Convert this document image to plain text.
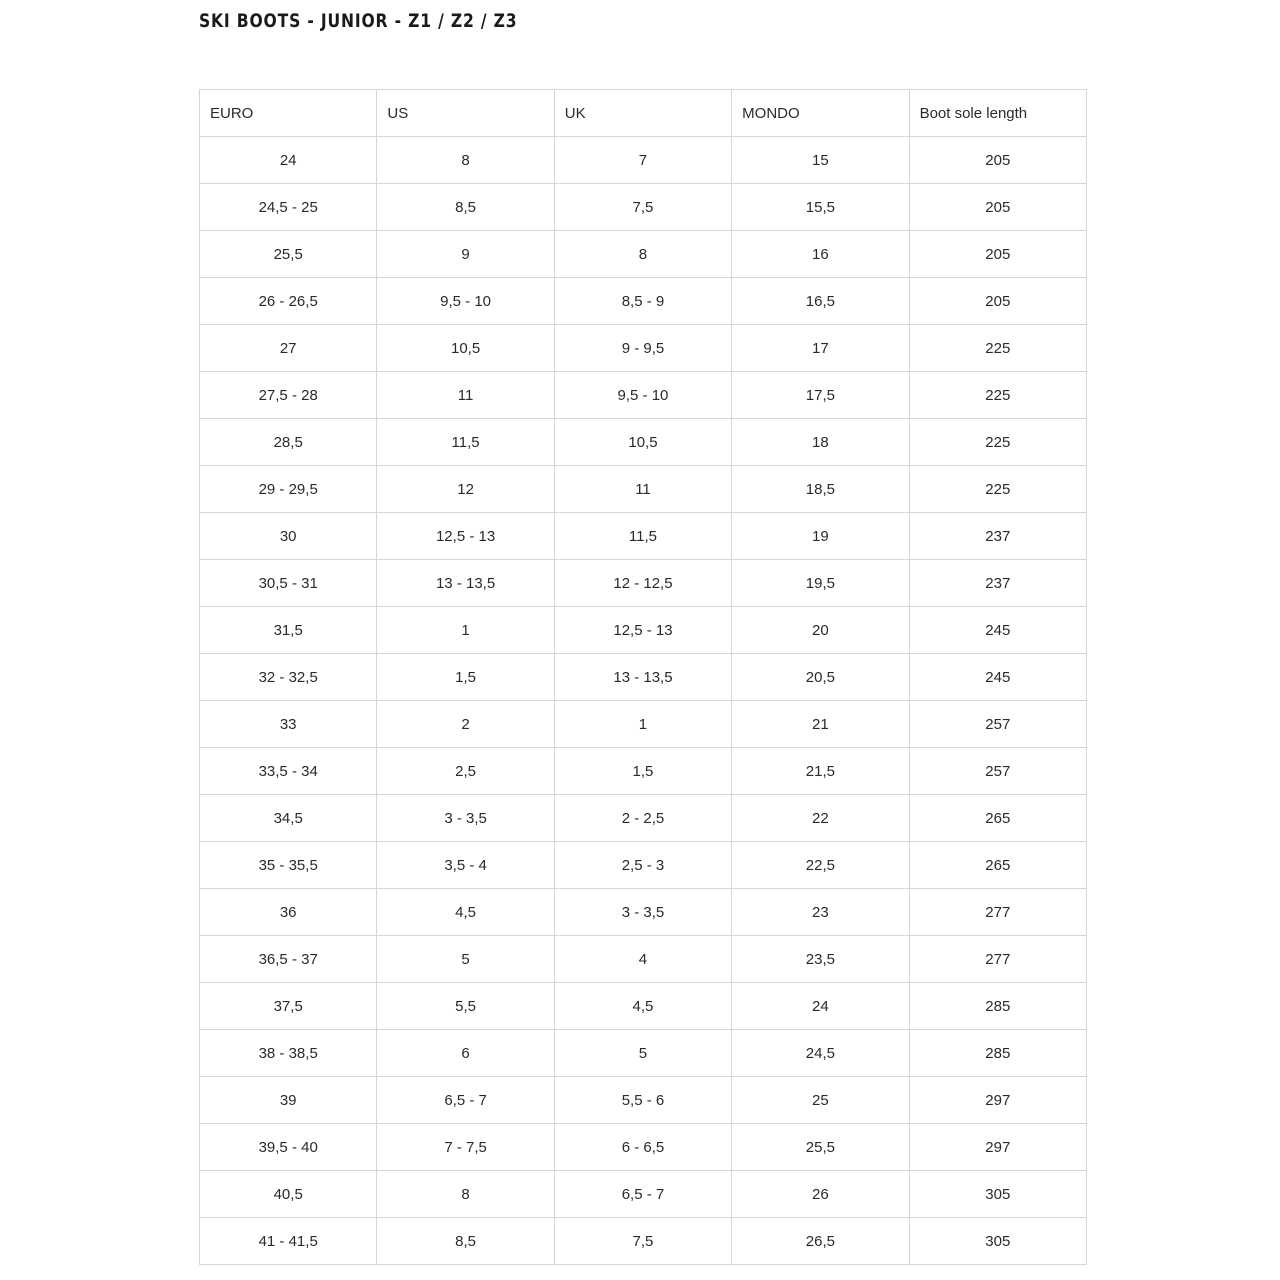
SKI BOOTS - JUNIOR - Z1 / Z2 / Z3
EURO	US	UK	MONDO	Boot sole length
24	8	7	15	205
24,5 - 25	8,5	7,5	15,5	205
25,5	9	8	16	205
26 - 26,5	9,5 - 10	8,5 - 9	16,5	205
27	10,5	9 - 9,5	17	225
27,5 - 28	11	9,5 - 10	17,5	225
28,5	11,5	10,5	18	225
29 - 29,5	12	11	18,5	225
30	12,5 - 13	11,5	19	237
30,5 - 31	13 - 13,5	12 - 12,5	19,5	237
31,5	1	12,5 - 13	20	245
32 - 32,5	1,5	13 - 13,5	20,5	245
33	2	1	21	257
33,5 - 34	2,5	1,5	21,5	257
34,5	3 - 3,5	2 - 2,5	22	265
35 - 35,5	3,5 - 4	2,5 - 3	22,5	265
36	4,5	3 - 3,5	23	277
36,5 - 37	5	4	23,5	277
37,5	5,5	4,5	24	285
38 - 38,5	6	5	24,5	285
39	6,5 - 7	5,5 - 6	25	297
39,5 - 40	7 - 7,5	6 - 6,5	25,5	297
40,5	8	6,5 - 7	26	305
41 - 41,5	8,5	7,5	26,5	305
